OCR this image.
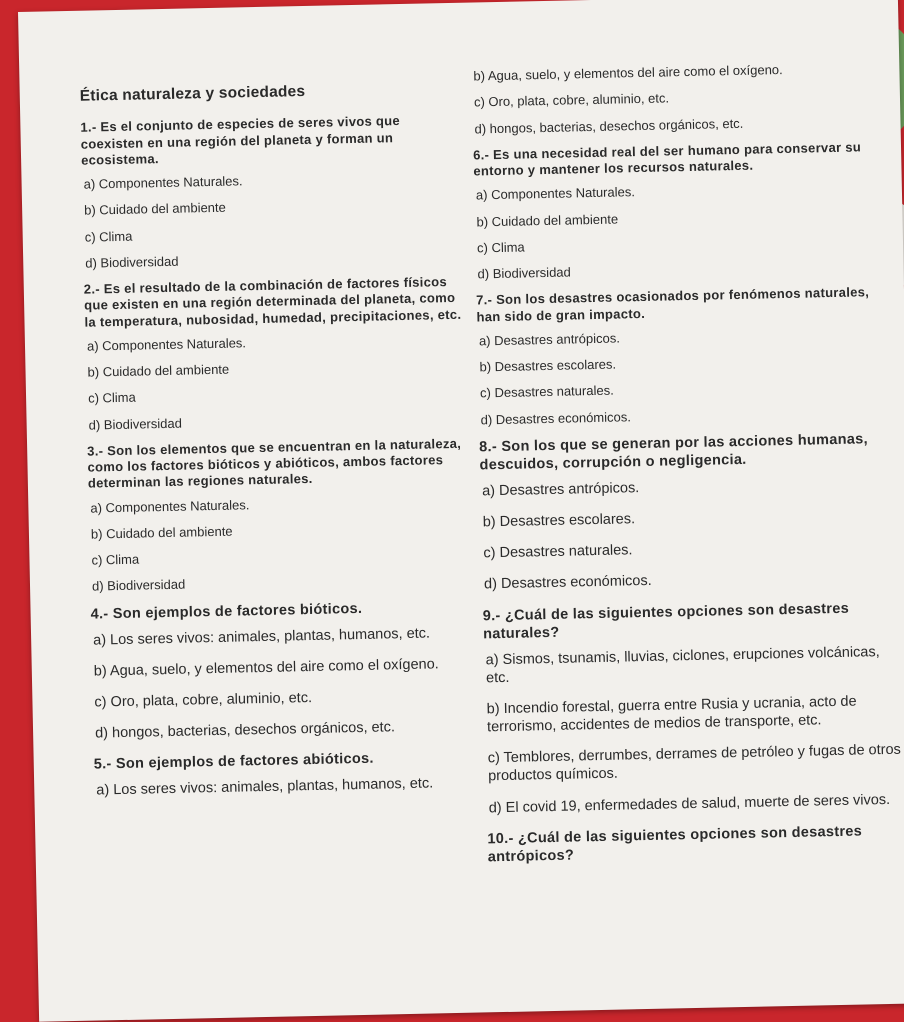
Ética naturaleza y sociedades
1.- Es el conjunto de especies de seres vivos que coexisten en una región del planeta y forman un ecosistema.
a) Componentes Naturales.
b) Cuidado del ambiente
c) Clima
d) Biodiversidad
2.- Es el resultado de la combinación de factores físicos que existen en una región determinada del planeta, como la temperatura, nubosidad, humedad, precipitaciones, etc.
a) Componentes Naturales.
b) Cuidado del ambiente
c) Clima
d) Biodiversidad
3.- Son los elementos que se encuentran en la naturaleza, como los factores bióticos y abióticos, ambos factores determinan las regiones naturales.
a) Componentes Naturales.
b) Cuidado del ambiente
c) Clima
d) Biodiversidad
4.- Son ejemplos de factores bióticos.
a) Los seres vivos: animales, plantas, humanos, etc.
b) Agua, suelo, y elementos del aire como el oxígeno.
c) Oro, plata, cobre, aluminio, etc.
d) hongos, bacterias, desechos orgánicos, etc.
5.- Son ejemplos de factores abióticos.
a) Los seres vivos: animales, plantas, humanos, etc.
b) Agua, suelo, y elementos del aire como el oxígeno.
c) Oro, plata, cobre, aluminio, etc.
d) hongos, bacterias, desechos orgánicos, etc.
6.- Es una necesidad real del ser humano para conservar su entorno y mantener los recursos naturales.
a) Componentes Naturales.
b) Cuidado del ambiente
c) Clima
d) Biodiversidad
7.- Son los desastres ocasionados por fenómenos naturales, han sido de gran impacto.
a) Desastres antrópicos.
b) Desastres escolares.
c) Desastres naturales.
d) Desastres económicos.
8.- Son los que se generan por las acciones humanas, descuidos, corrupción o negligencia.
a) Desastres antrópicos.
b) Desastres escolares.
c) Desastres naturales.
d) Desastres económicos.
9.- ¿Cuál de las siguientes opciones son desastres naturales?
a) Sismos, tsunamis, lluvias, ciclones, erupciones volcánicas, etc.
b) Incendio forestal, guerra entre Rusia y ucrania, acto de terrorismo, accidentes de medios de transporte, etc.
c) Temblores, derrumbes, derrames de petróleo y fugas de otros productos químicos.
d) El covid 19, enfermedades de salud, muerte de seres vivos.
10.- ¿Cuál de las siguientes opciones son desastres antrópicos?
